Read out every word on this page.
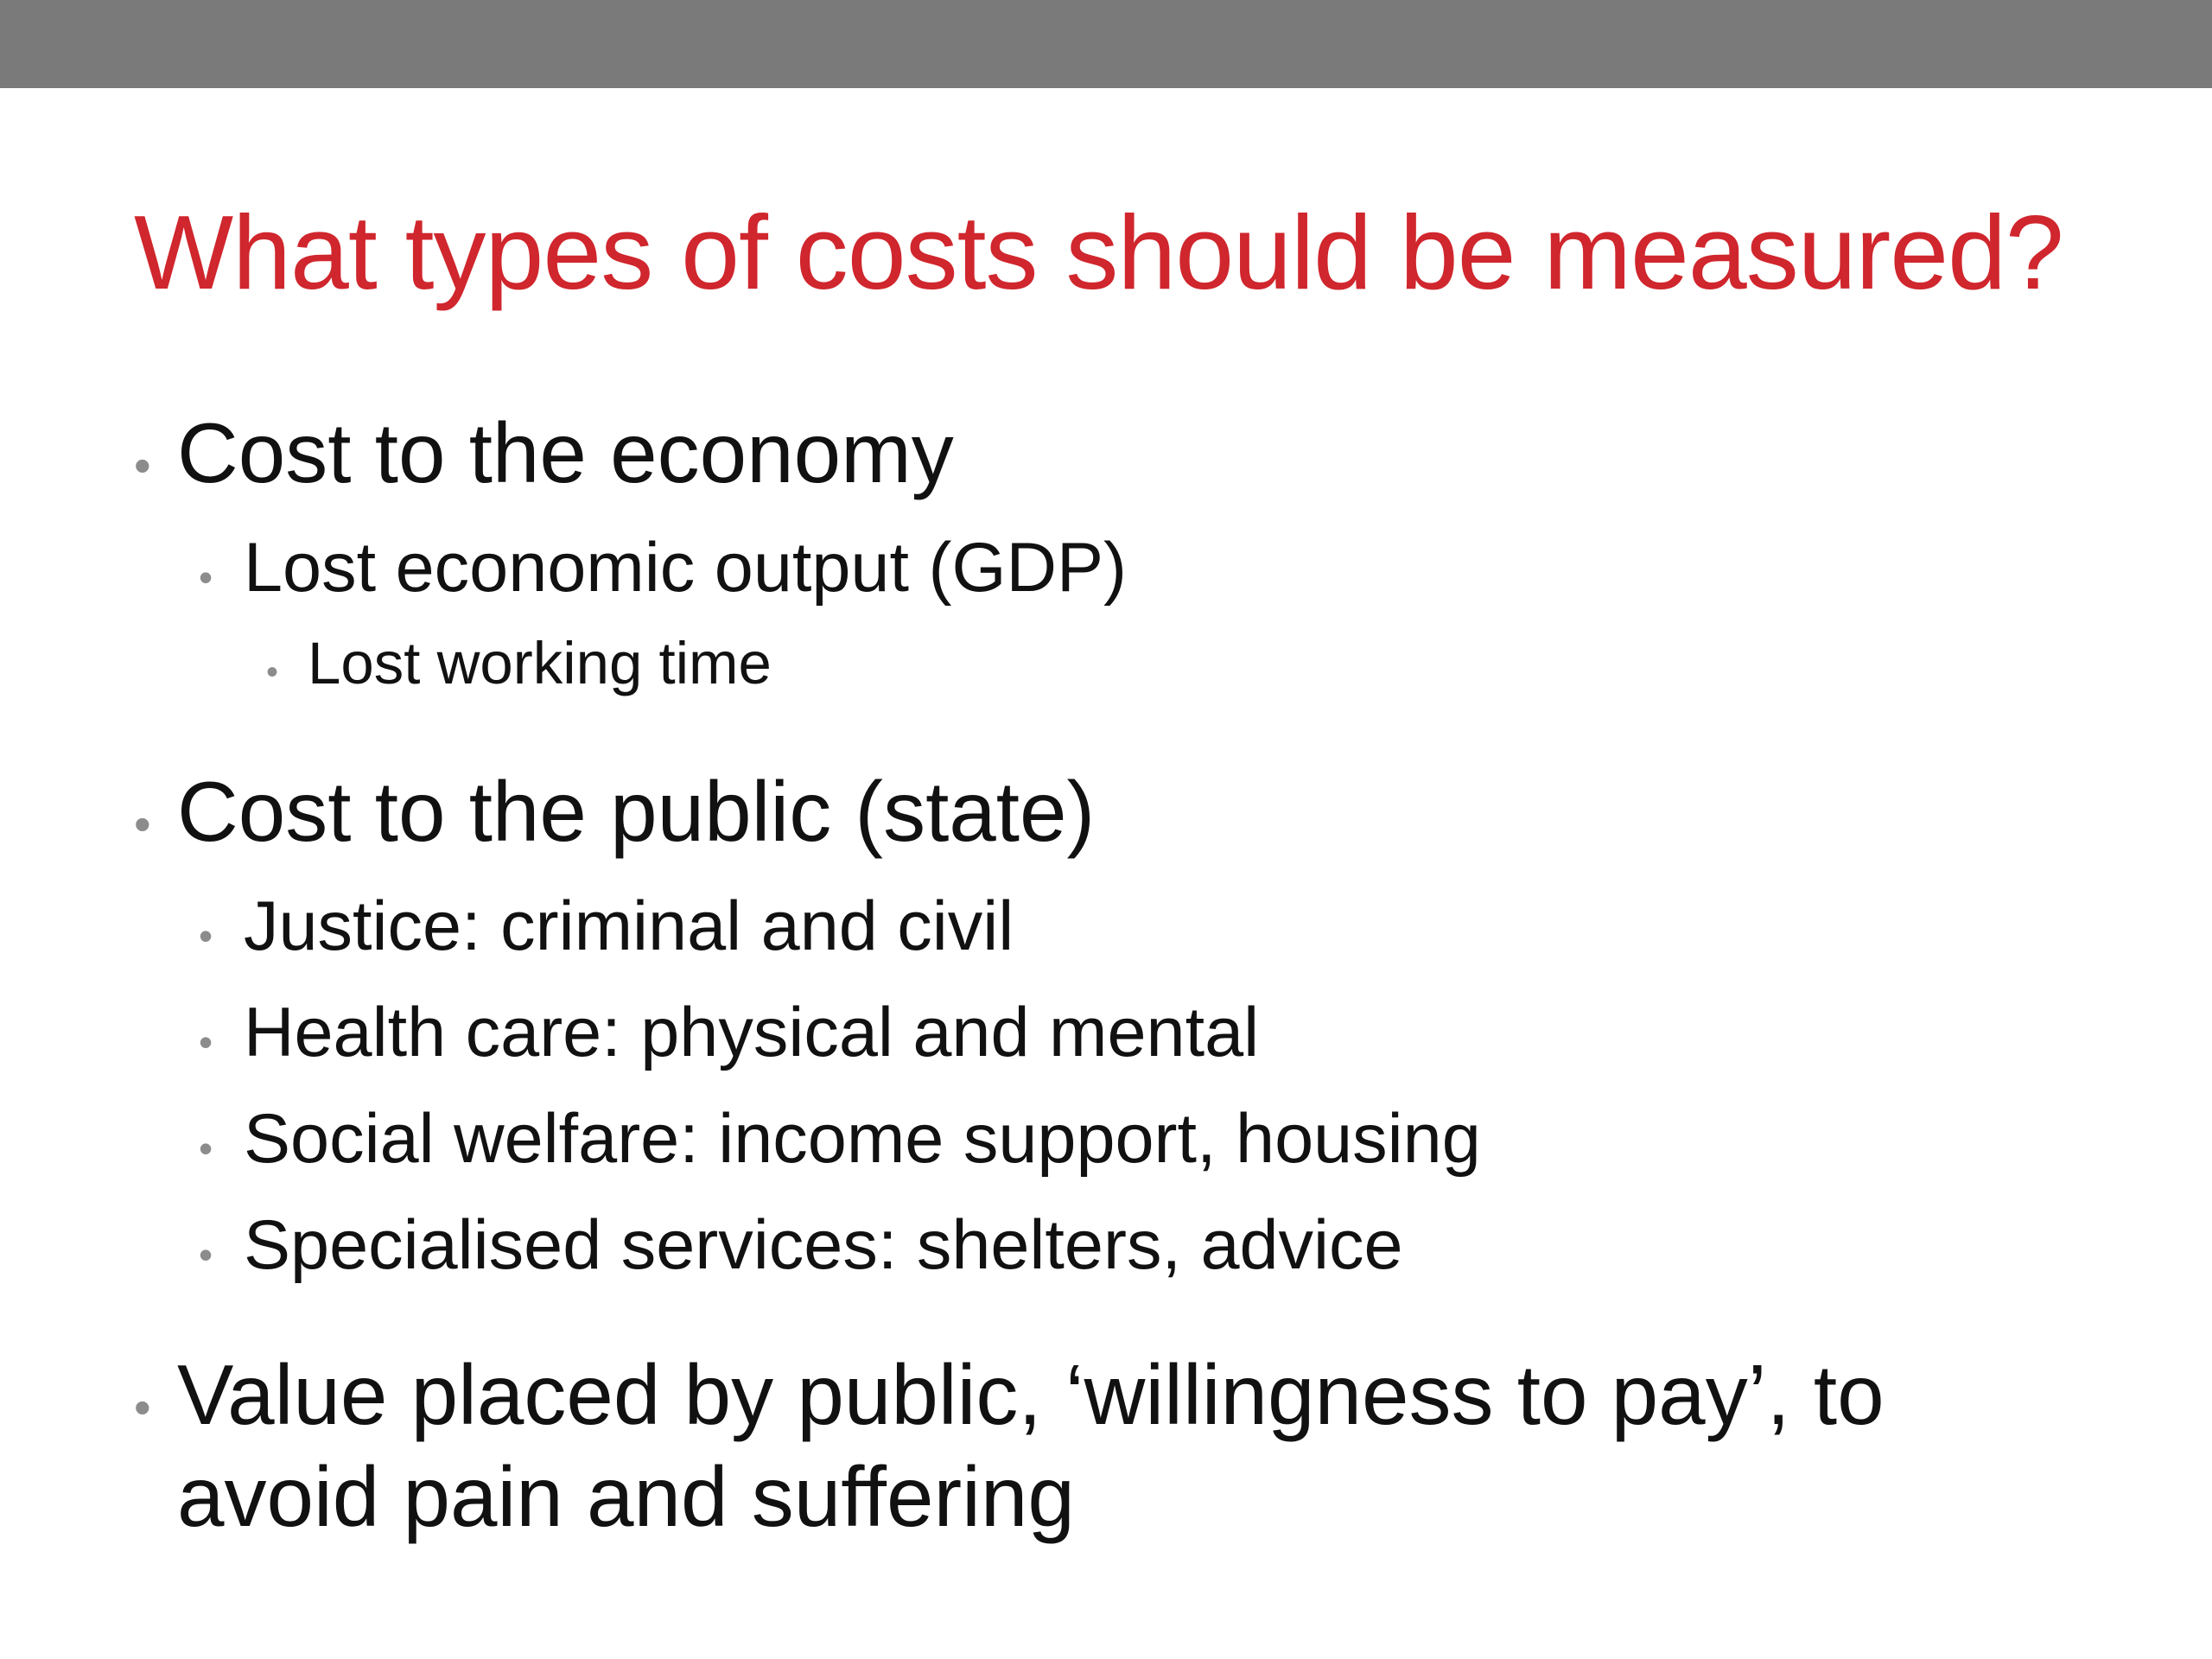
What types of costs should be measured?
• Cost to the economy
• Lost economic output (GDP)
• Lost working time
• Cost to the public (state)
• Justice: criminal and civil
• Health care: physical and mental
• Social welfare: income support, housing
• Specialised services: shelters, advice
• Value placed by public, ‘willingness to pay’, to avoid pain and suffering
